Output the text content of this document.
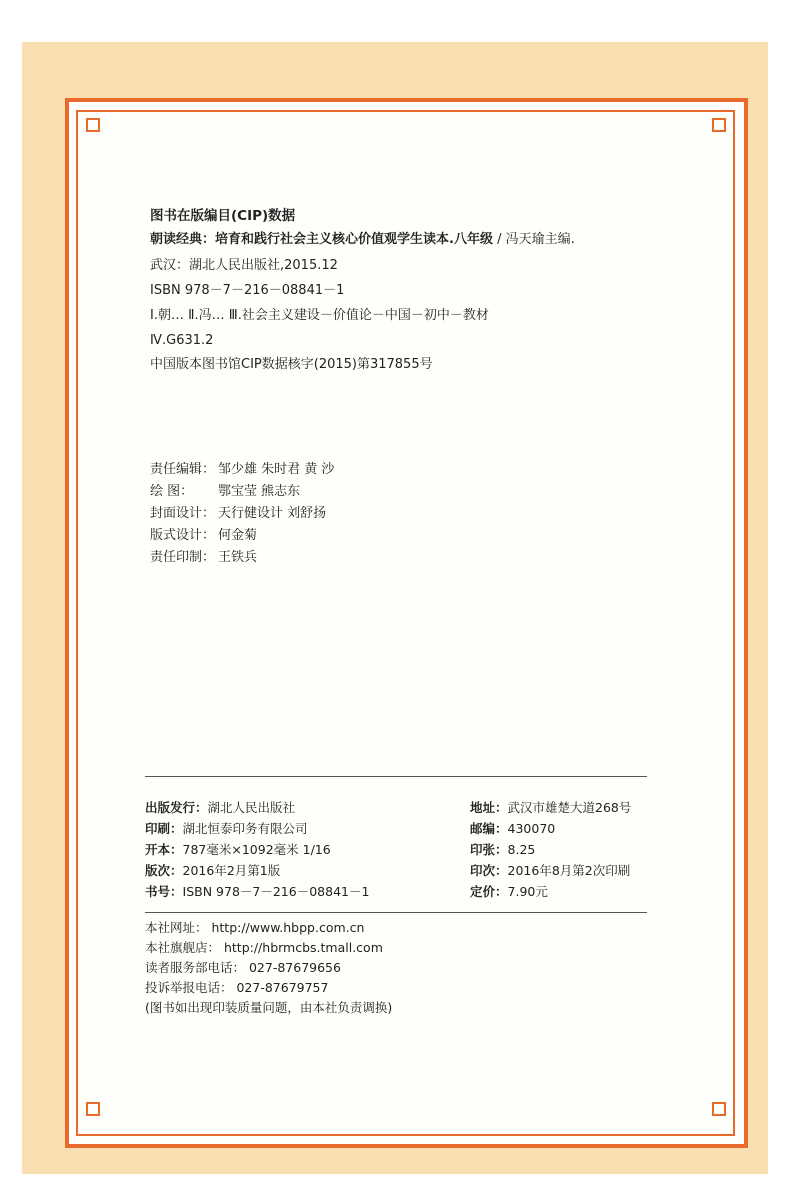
图书在版编目(CIP)数据
朝读经典：培育和践行社会主义核心价值观学生读本.八年级 / 冯天瑜主编.
武汉：湖北人民出版社,2015.12
ISBN 978－7－216－08841－1
Ⅰ.朝… Ⅱ.冯… Ⅲ.社会主义建设－价值论－中国－初中－教材
Ⅳ.G631.2
中国版本图书馆CIP数据核字(2015)第317855号
责任编辑： 邹少雄 朱时君 黄 沙
绘 图： 鄂宝莹 熊志东
封面设计： 天行健设计 刘舒扬
版式设计： 何金菊
责任印制： 王铁兵
出版发行：湖北人民出版社
印刷：湖北恒泰印务有限公司
开本：787毫米×1092毫米 1/16
版次：2016年2月第1版
书号：ISBN 978－7－216－08841－1
地址：武汉市雄楚大道268号
邮编：430070
印张：8.25
印次：2016年8月第2次印刷
定价：7.90元
本社网址： http://www.hbpp.com.cn
本社旗舰店： http://hbrmcbs.tmall.com
读者服务部电话： 027-87679656
投诉举报电话： 027-87679757
(图书如出现印装质量问题，由本社负责调换)
